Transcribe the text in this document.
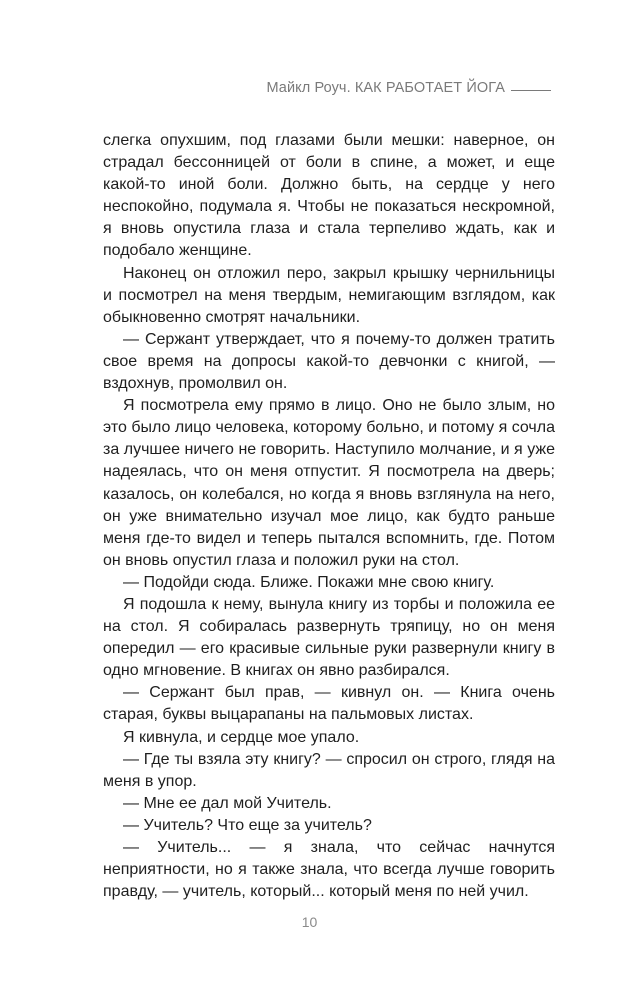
Майкл Роуч. КАК РАБОТАЕТ ЙОГА

слегка опухшим, под глазами были мешки: наверное, он страдал бессонницей от боли в спине, а может, и еще какой-то иной боли. Должно быть, на сердце у него неспокойно, подумала я. Чтобы не показаться нескромной, я вновь опустила глаза и стала терпеливо ждать, как и подобало женщине.

Наконец он отложил перо, закрыл крышку чернильницы и посмотрел на меня твердым, немигающим взглядом, как обыкновенно смотрят начальники.

— Сержант утверждает, что я почему-то должен тратить свое время на допросы какой-то девчонки с книгой, — вздохнув, промолвил он.

Я посмотрела ему прямо в лицо. Оно не было злым, но это было лицо человека, которому больно, и потому я сочла за лучшее ничего не говорить. Наступило молчание, и я уже надеялась, что он меня отпустит. Я посмотрела на дверь; казалось, он колебался, но когда я вновь взглянула на него, он уже внимательно изучал мое лицо, как будто раньше меня где-то видел и теперь пытался вспомнить, где. Потом он вновь опустил глаза и положил руки на стол.

— Подойди сюда. Ближе. Покажи мне свою книгу.

Я подошла к нему, вынула книгу из торбы и положила ее на стол. Я собиралась развернуть тряпицу, но он меня опередил — его красивые сильные руки развернули книгу в одно мгновение. В книгах он явно разбирался.

— Сержант был прав, — кивнул он. — Книга очень старая, буквы выцарапаны на пальмовых листах.

Я кивнула, и сердце мое упало.

— Где ты взяла эту книгу? — спросил он строго, глядя на меня в упор.

— Мне ее дал мой Учитель.

— Учитель? Что еще за учитель?

— Учитель... — я знала, что сейчас начнутся неприятности, но я также знала, что всегда лучше говорить правду, — учитель, который... который меня по ней учил.

10
